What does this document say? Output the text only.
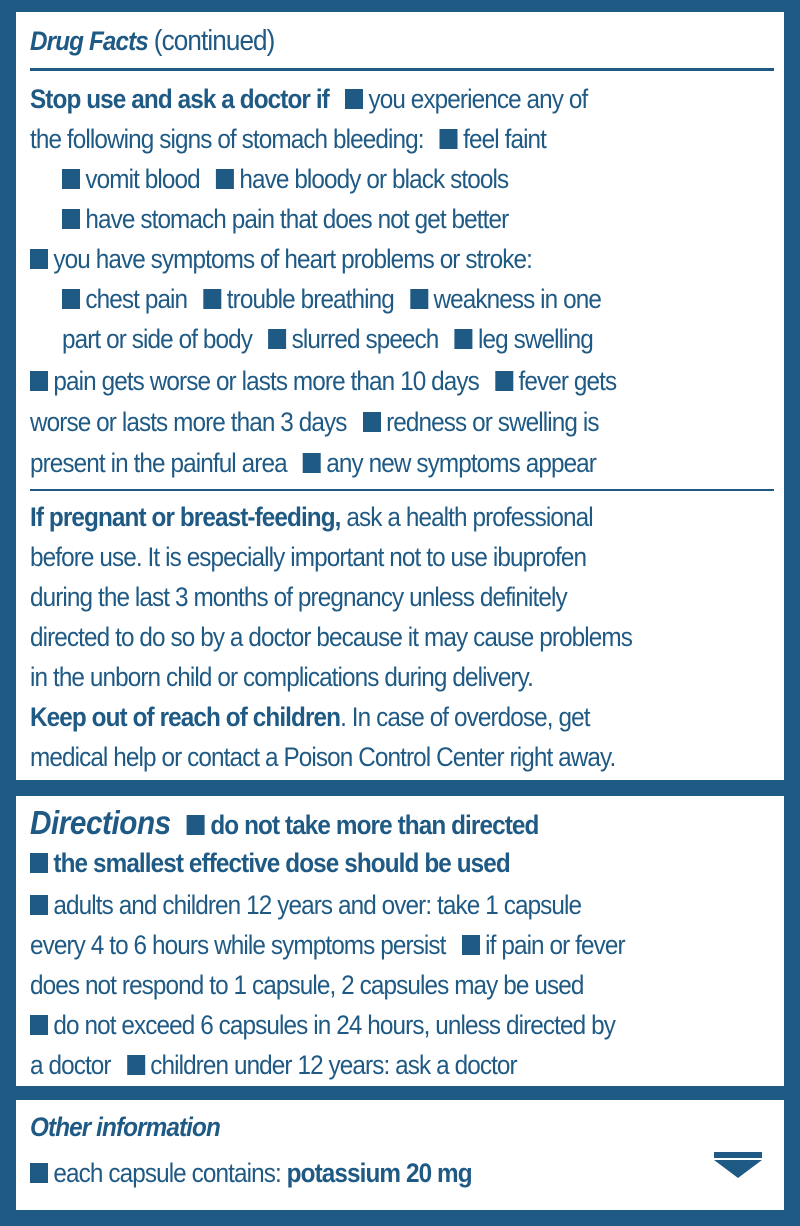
Drug Facts (continued)
Stop use and ask a doctor if you experience any of
the following signs of stomach bleeding: feel faint
vomit blood have bloody or black stools
have stomach pain that does not get better
you have symptoms of heart problems or stroke:
chest pain trouble breathing weakness in one
part or side of body slurred speech leg swelling
pain gets worse or lasts more than 10 days fever gets
worse or lasts more than 3 days redness or swelling is
present in the painful area any new symptoms appear
If pregnant or breast-feeding, ask a health professional
before use. It is especially important not to use ibuprofen
during the last 3 months of pregnancy unless definitely
directed to do so by a doctor because it may cause problems
in the unborn child or complications during delivery.
Keep out of reach of children. In case of overdose, get
medical help or contact a Poison Control Center right away.
Directions do not take more than directed
the smallest effective dose should be used
adults and children 12 years and over: take 1 capsule
every 4 to 6 hours while symptoms persist if pain or fever
does not respond to 1 capsule, 2 capsules may be used
do not exceed 6 capsules in 24 hours, unless directed by
a doctor children under 12 years: ask a doctor
Other information
each capsule contains: potassium 20 mg
